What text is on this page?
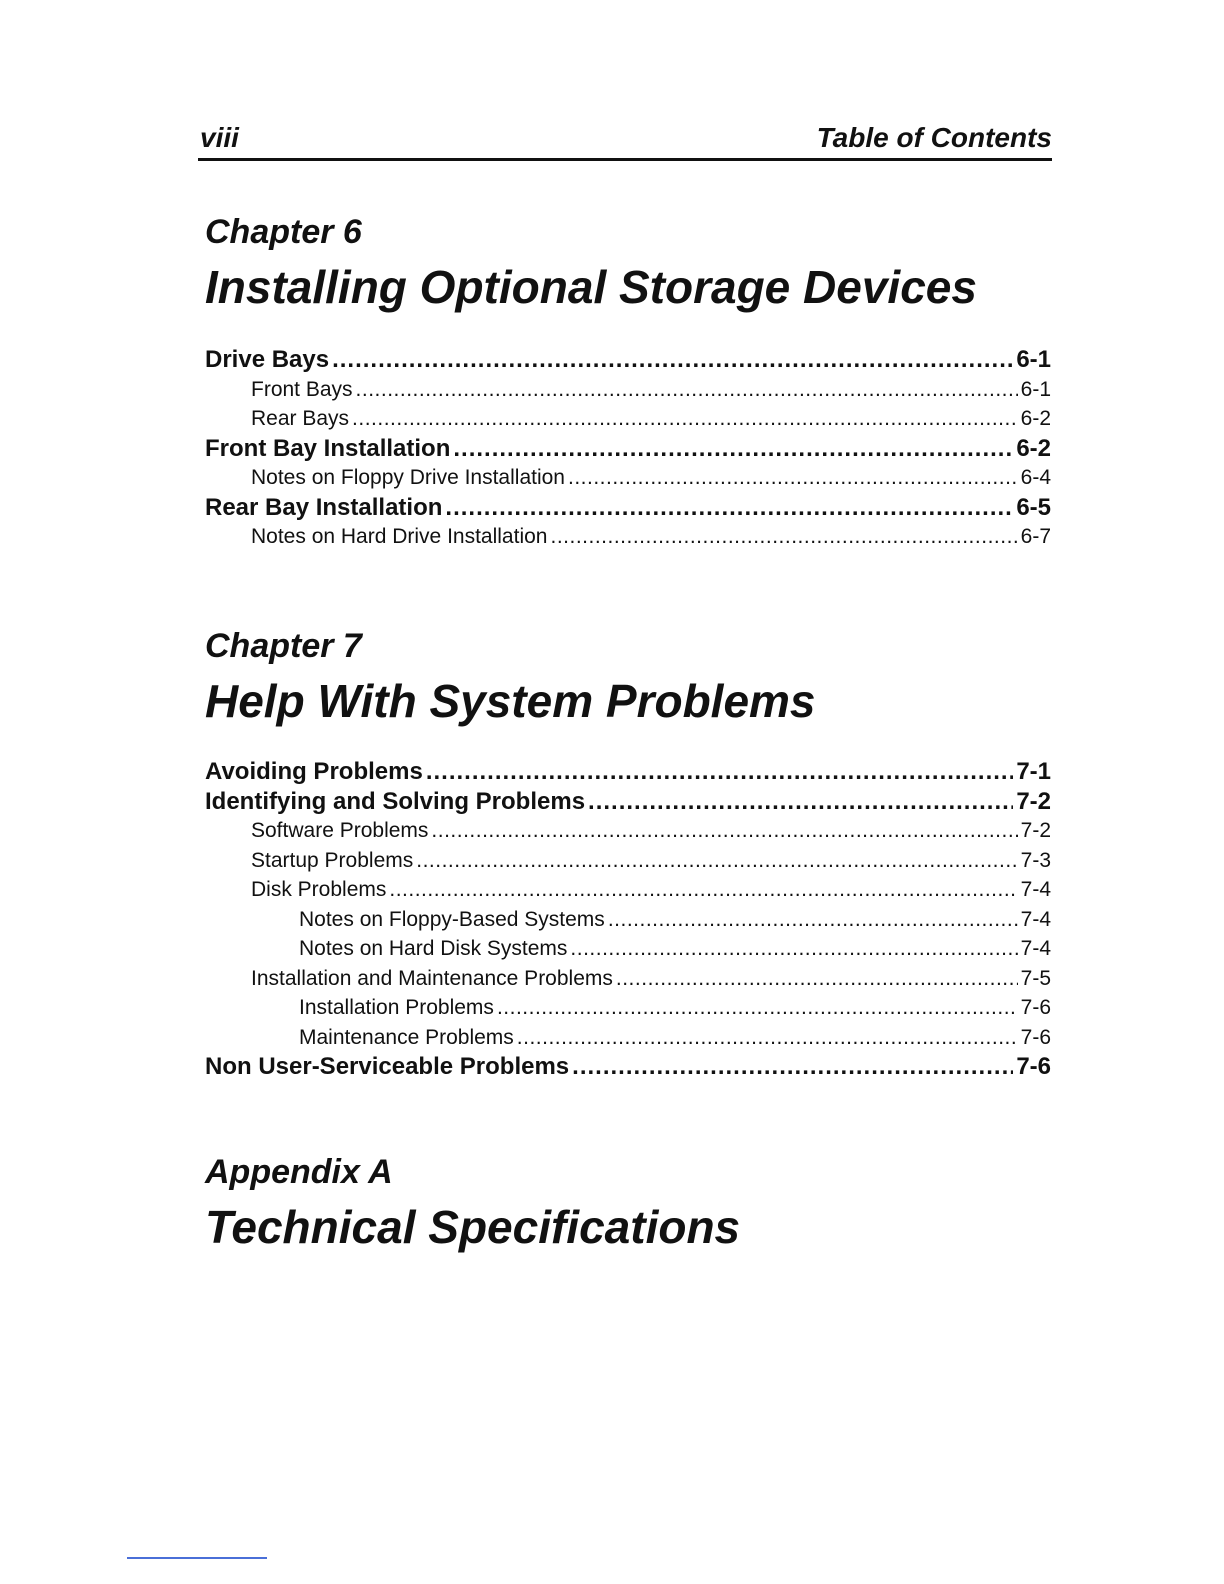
viii	Table of Contents
Chapter 6
Installing Optional Storage Devices
Drive Bays .....	6-1
Front Bays .....	6-1
Rear Bays .....	6-2
Front Bay Installation .....	6-2
Notes on Floppy Drive Installation .....	6-4
Rear Bay Installation .....	6-5
Notes on Hard Drive Installation .....	6-7
Chapter 7
Help With System Problems
Avoiding Problems .....	7-1
Identifying and Solving Problems .....	7-2
Software Problems .....	7-2
Startup Problems .....	7-3
Disk Problems .....	7-4
Notes on Floppy-Based Systems .....	7-4
Notes on Hard Disk Systems .....	7-4
Installation and Maintenance Problems .....	7-5
Installation Problems .....	7-6
Maintenance Problems .....	7-6
Non User-Serviceable Problems .....	7-6
Appendix A
Technical Specifications
